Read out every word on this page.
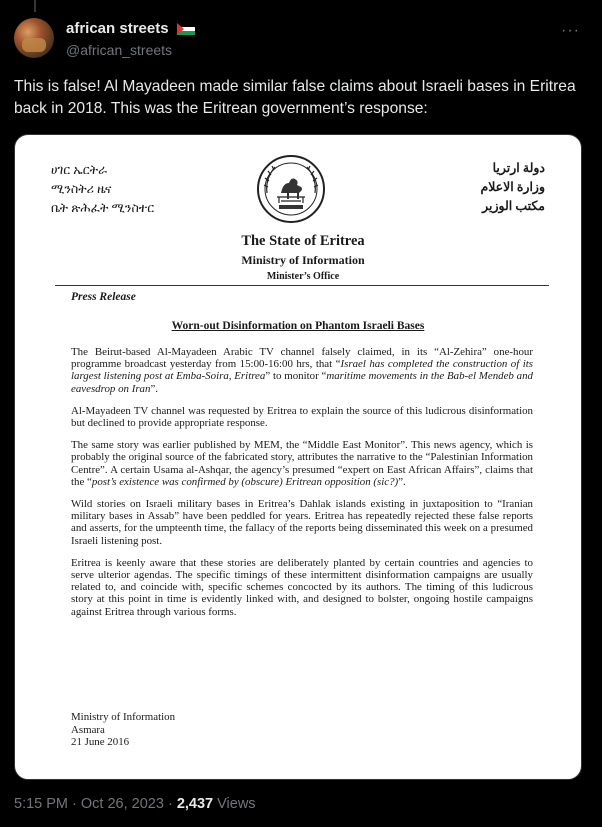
african streets
@african_streets
···
This is false! Al Mayadeen made similar false claims about Israeli bases in Eritrea back in 2018. This was the Eritrean government’s response:
ሀገር ኤርትራ
ሚንስትሪ ዜና
ቤት ጽሕፈት ሚንስተር
دولة ارتريا
وزارة الاعلام
مكتب الوزير
The State of Eritrea
Ministry of Information
Minister’s Office
Press Release
Worn-out Disinformation on Phantom Israeli Bases

The Beirut-based Al-Mayadeen Arabic TV channel falsely claimed, in its “Al-Zehira” one-hour programme broadcast yesterday from 15:00-16:00 hrs, that “Israel has completed the construction of its largest listening post at Emba-Soira, Eritrea” to monitor “maritime movements in the Bab-el Mendeb and eavesdrop on Iran”.

Al-Mayadeen TV channel was requested by Eritrea to explain the source of this ludicrous disinformation but declined to provide appropriate response.

The same story was earlier published by MEM, the “Middle East Monitor”. This news agency, which is probably the original source of the fabricated story, attributes the narrative to the “Palestinian Information Centre”. A certain Usama al-Ashqar, the agency’s presumed “expert on East African Affairs”, claims that the “post’s existence was confirmed by (obscure) Eritrean opposition (sic?)”.

Wild stories on Israeli military bases in Eritrea’s Dahlak islands existing in juxtaposition to “Iranian military bases in Assab” have been peddled for years. Eritrea has repeatedly rejected these false reports and asserts, for the umpteenth time, the fallacy of the reports being disseminated this week on a presumed Israeli listening post.

Eritrea is keenly aware that these stories are deliberately planted by certain countries and agencies to serve ulterior agendas. The specific timings of these intermittent disinformation campaigns are usually related to, and coincide with, specific schemes concocted by its authors. The timing of this ludicrous story at this point in time is evidently linked with, and designed to bolster, ongoing hostile campaigns against Eritrea through various forms.

Ministry of Information
Asmara
21 June 2016
5:15 PM · Oct 26, 2023 · 2,437 Views
